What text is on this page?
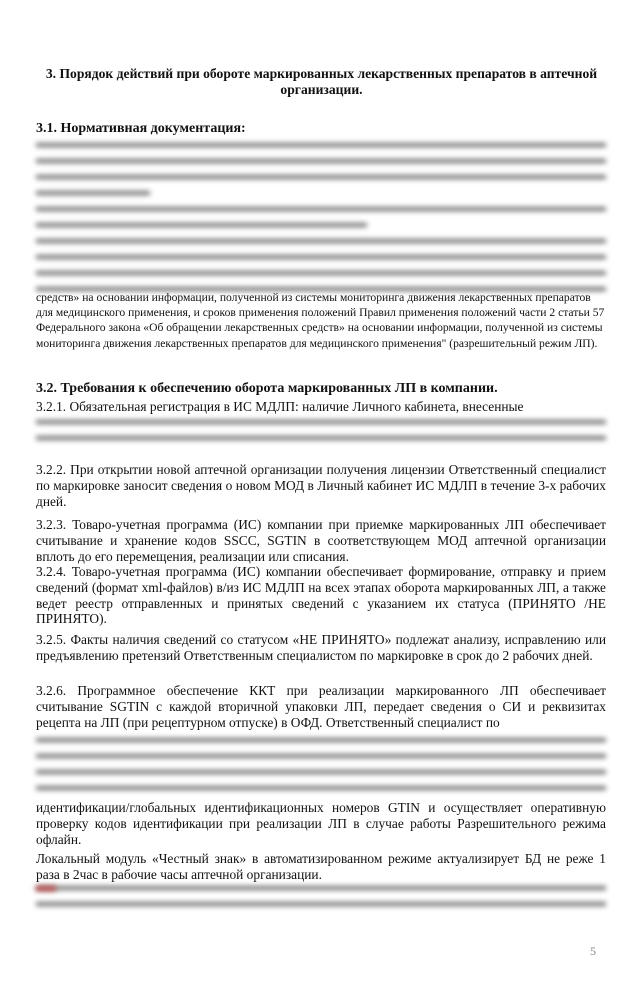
3. Порядок действий при обороте маркированных лекарственных препаратов в аптечной организации.
3.1. Нормативная документация:
средств» на основании информации, полученной из системы мониторинга движения лекарственных препаратов для медицинского применения, и сроков применения положений Правил применения положений части 2 статьи 57 Федерального закона «Об обращении лекарственных средств» на основании информации, полученной из системы мониторинга движения лекарственных препаратов для медицинского применения" (разрешительный режим ЛП).
3.2. Требования к обеспечению оборота маркированных ЛП в компании.
3.2.1. Обязательная регистрация в ИС МДЛП: наличие Личного кабинета, внесенные
3.2.2. При открытии новой аптечной организации получения лицензии Ответственный специалист по маркировке заносит сведения о новом МОД в Личный кабинет ИС МДЛП в течение 3-х рабочих дней.
3.2.3. Товаро-учетная программа (ИС) компании при приемке маркированных ЛП обеспечивает считывание и хранение кодов SSCC, SGTIN в соответствующем МОД аптечной организации вплоть до его перемещения, реализации или списания.
3.2.4. Товаро-учетная программа (ИС) компании обеспечивает формирование, отправку и прием сведений (формат xml-файлов) в/из ИС МДЛП на всех этапах оборота маркированных ЛП, а также ведет реестр отправленных и принятых сведений с указанием их статуса (ПРИНЯТО /НЕ ПРИНЯТО).
3.2.5. Факты наличия сведений со статусом «НЕ ПРИНЯТО» подлежат анализу, исправлению или предъявлению претензий Ответственным специалистом по маркировке в срок до 2 рабочих дней.
3.2.6. Программное обеспечение ККТ при реализации маркированного ЛП обеспечивает считывание SGTIN с каждой вторичной упаковки ЛП, передает сведения о СИ и реквизитах рецепта на ЛП (при рецептурном отпуске) в ОФД. Ответственный специалист по
идентификации/глобальных идентификационных номеров GTIN и осуществляет оперативную проверку кодов идентификации при реализации ЛП в случае работы Разрешительного режима офлайн.
Локальный модуль «Честный знак» в автоматизированном режиме актуализирует БД не реже 1 раза в 2час в рабочие часы аптечной организации.
5
